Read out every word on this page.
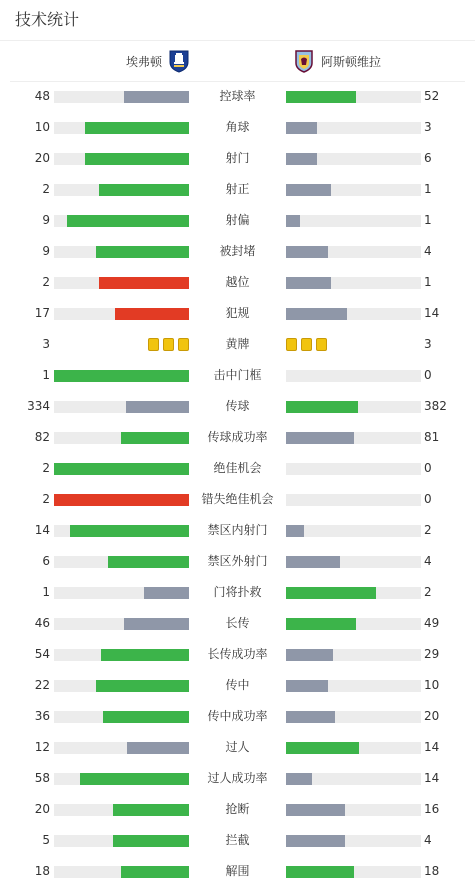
技术统计
埃弗顿	阿斯顿维拉
48	控球率	52
10	角球	3
20	射门	6
2	射正	1
9	射偏	1
9	被封堵	4
2	越位	1
17	犯规	14
3	黄牌	3
1	击中门框	0
334	传球	382
82	传球成功率	81
2	绝佳机会	0
2	错失绝佳机会	0
14	禁区内射门	2
6	禁区外射门	4
1	门将扑救	2
46	长传	49
54	长传成功率	29
22	传中	10
36	传中成功率	20
12	过人	14
58	过人成功率	14
20	抢断	16
5	拦截	4
18	解围	18
